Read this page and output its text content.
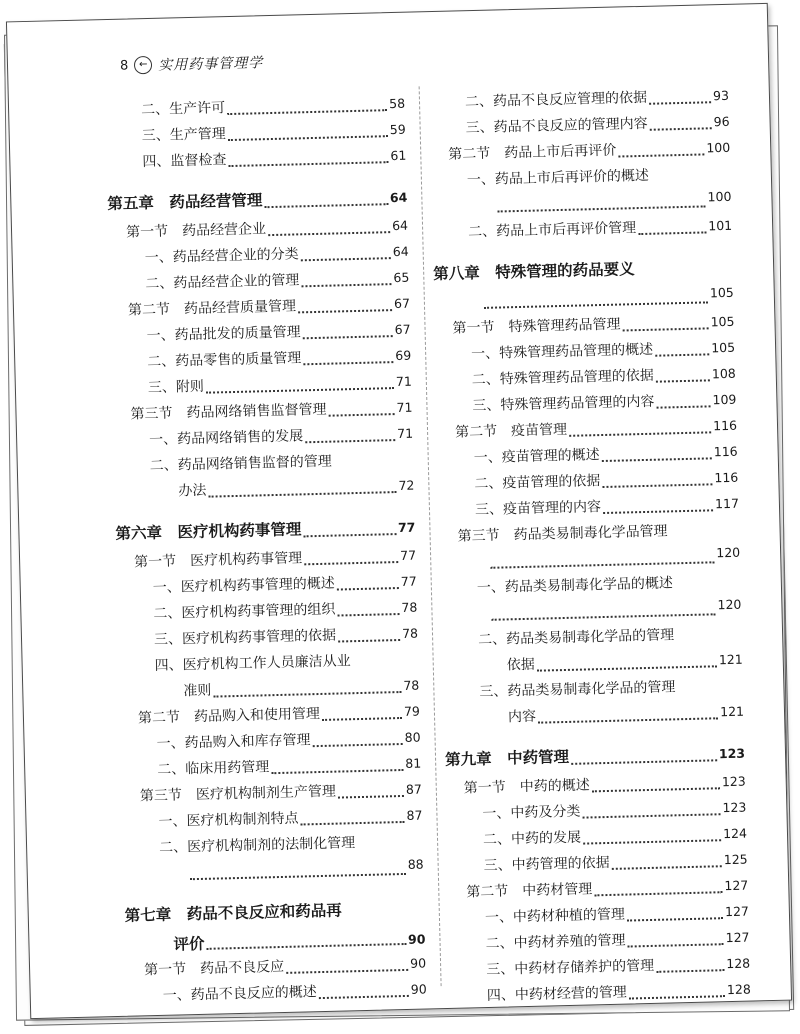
8	← 实用药事管理学
二、生产许可	58
三、生产管理	59
四、监督检查	61
第五章　药品经营管理	64
第一节　药品经营企业	64
一、药品经营企业的分类	64
二、药品经营企业的管理	65
第二节　药品经营质量管理	67
一、药品批发的质量管理	67
二、药品零售的质量管理	69
三、附则	71
第三节　药品网络销售监督管理	71
一、药品网络销售的发展	71
二、药品网络销售监督的管理
办法	72
第六章　医疗机构药事管理	77
第一节　医疗机构药事管理	77
一、医疗机构药事管理的概述	77
二、医疗机构药事管理的组织	78
三、医疗机构药事管理的依据	78
四、医疗机构工作人员廉洁从业
准则	78
第二节　药品购入和使用管理	79
一、药品购入和库存管理	80
二、临床用药管理	81
第三节　医疗机构制剂生产管理	87
一、医疗机构制剂特点	87
二、医疗机构制剂的法制化管理
88
第七章　药品不良反应和药品再
评价	90
第一节　药品不良反应	90
一、药品不良反应的概述	90
二、药品不良反应管理的依据	93
三、药品不良反应的管理内容	96
第二节　药品上市后再评价	100
一、药品上市后再评价的概述
100
二、药品上市后再评价管理	101
第八章　特殊管理的药品要义
105
第一节　特殊管理药品管理	105
一、特殊管理药品管理的概述	105
二、特殊管理药品管理的依据	108
三、特殊管理药品管理的内容	109
第二节　疫苗管理	116
一、疫苗管理的概述	116
二、疫苗管理的依据	116
三、疫苗管理的内容	117
第三节　药品类易制毒化学品管理
120
一、药品类易制毒化学品的概述
120
二、药品类易制毒化学品的管理
依据	121
三、药品类易制毒化学品的管理
内容	121
第九章　中药管理	123
第一节　中药的概述	123
一、中药及分类	123
二、中药的发展	124
三、中药管理的依据	125
第二节　中药材管理	127
一、中药材种植的管理	127
二、中药材养殖的管理	127
三、中药材存储养护的管理	128
四、中药材经营的管理	128
